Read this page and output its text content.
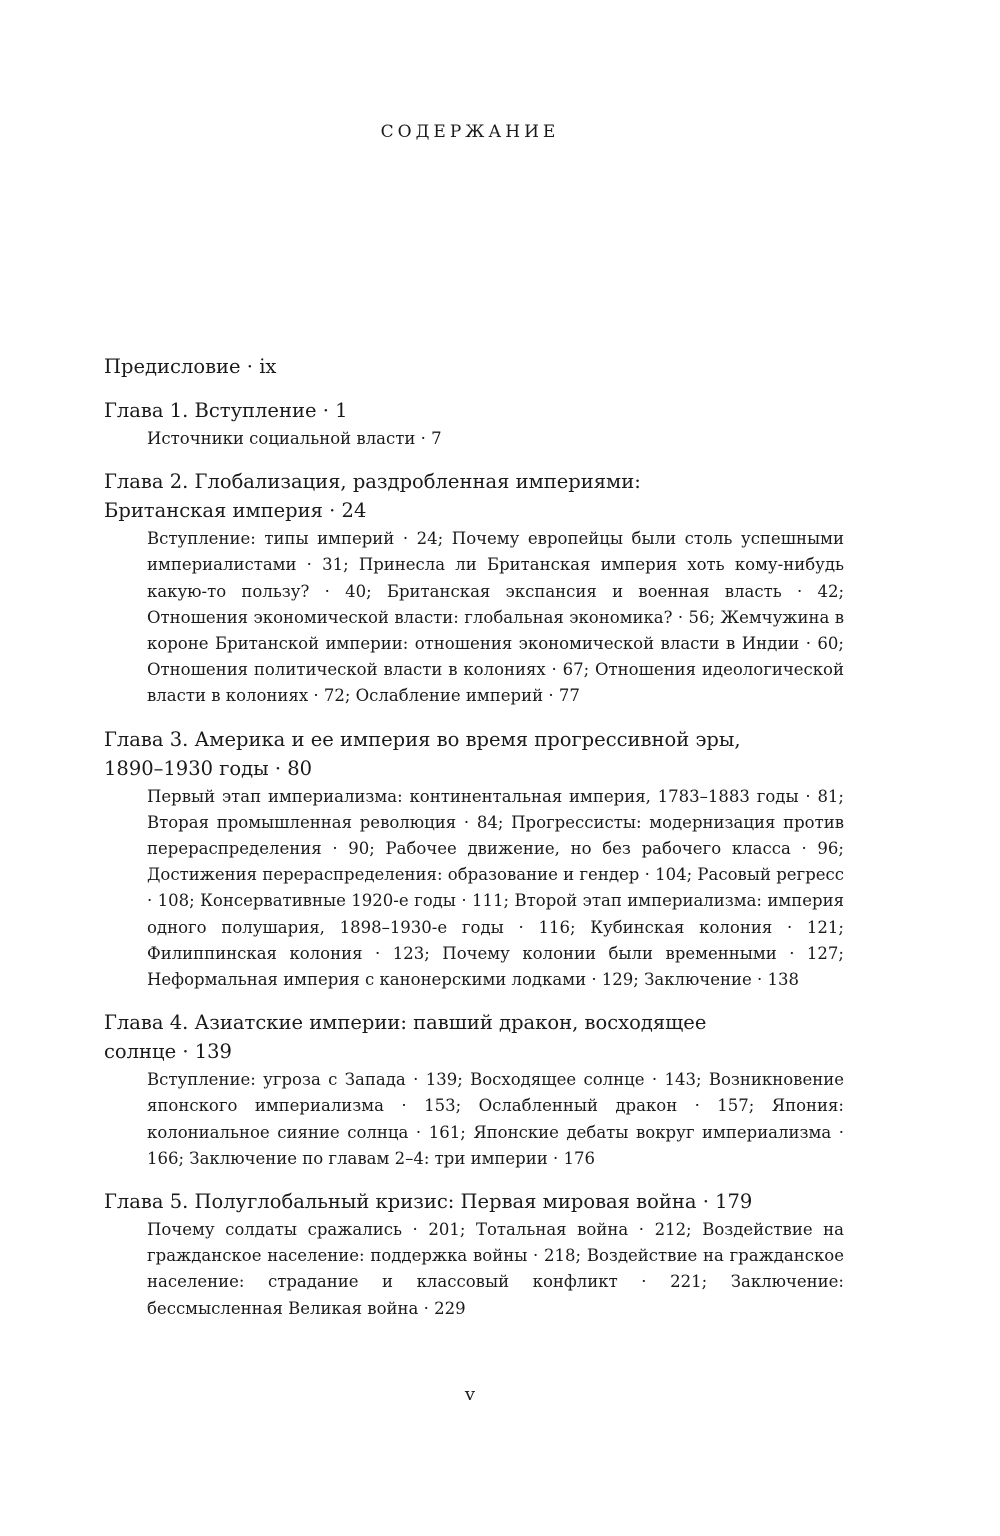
СОДЕРЖАНИЕ
Предисловие · ix
Глава 1. Вступление · 1
Источники социальной власти · 7
Глава 2. Глобализация, раздробленная империями:
Британская империя · 24
Вступление: типы империй · 24; Почему европейцы были столь успешными империалистами · 31; Принесла ли Британская империя хоть кому-нибудь какую-то пользу? · 40; Британская экспансия и военная власть · 42; Отношения экономической власти: глобальная экономика? · 56; Жемчужина в короне Британской империи: отношения экономической власти в Индии · 60; Отношения политической власти в колониях · 67; Отношения идеологической власти в колониях · 72; Ослабление империй · 77
Глава 3. Америка и ее империя во время прогрессивной эры,
1890–1930 годы · 80
Первый этап империализма: континентальная империя, 1783–1883 годы · 81; Вторая промышленная революция · 84; Прогрессисты: модернизация против перераспределения · 90; Рабочее движение, но без рабочего класса · 96; Достижения перераспределения: образование и гендер · 104; Расовый регресс · 108; Консервативные 1920-е годы · 111; Второй этап империализма: империя одного полушария, 1898–1930-е годы · 116; Кубинская колония · 121; Филиппинская колония · 123; Почему колонии были временными · 127; Неформальная империя с канонерскими лодками · 129; Заключение · 138
Глава 4. Азиатские империи: павший дракон, восходящее
солнце · 139
Вступление: угроза с Запада · 139; Восходящее солнце · 143; Возникновение японского империализма · 153; Ослабленный дракон · 157; Япония: колониальное сияние солнца · 161; Японские дебаты вокруг империализма · 166; Заключение по главам 2–4: три империи · 176
Глава 5. Полуглобальный кризис: Первая мировая война · 179
Почему солдаты сражались · 201; Тотальная война · 212; Воздействие на гражданское население: поддержка войны · 218; Воздействие на гражданское население: страдание и классовый конфликт · 221; Заключение: бессмысленная Великая война · 229
v
